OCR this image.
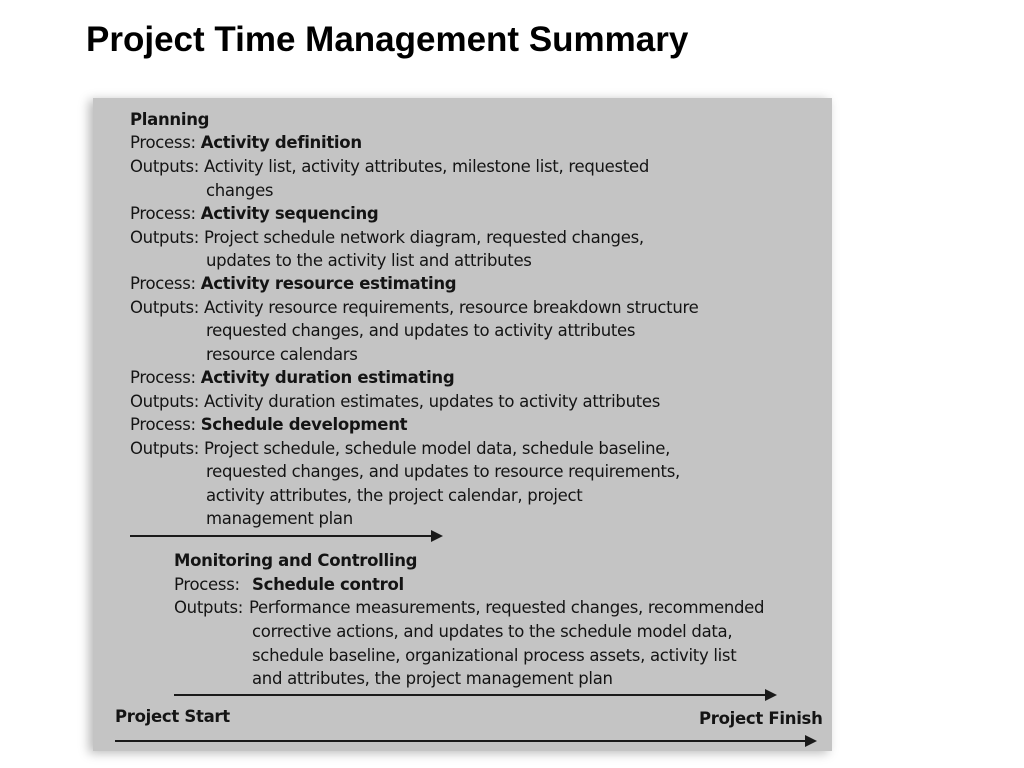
Project Time Management Summary
Planning
Process: Activity definition
Outputs: Activity list, activity attributes, milestone list, requested
changes
Process: Activity sequencing
Outputs: Project schedule network diagram, requested changes,
updates to the activity list and attributes
Process: Activity resource estimating
Outputs: Activity resource requirements, resource breakdown structure
requested changes, and updates to activity attributes
resource calendars
Process: Activity duration estimating
Outputs: Activity duration estimates, updates to activity attributes
Process: Schedule development
Outputs: Project schedule, schedule model data, schedule baseline,
requested changes, and updates to resource requirements,
activity attributes, the project calendar, project
management plan
Monitoring and Controlling
Process: Schedule control
Outputs: Performance measurements, requested changes, recommended
corrective actions, and updates to the schedule model data,
schedule baseline, organizational process assets, activity list
and attributes, the project management plan
Project Start	Project Finish
